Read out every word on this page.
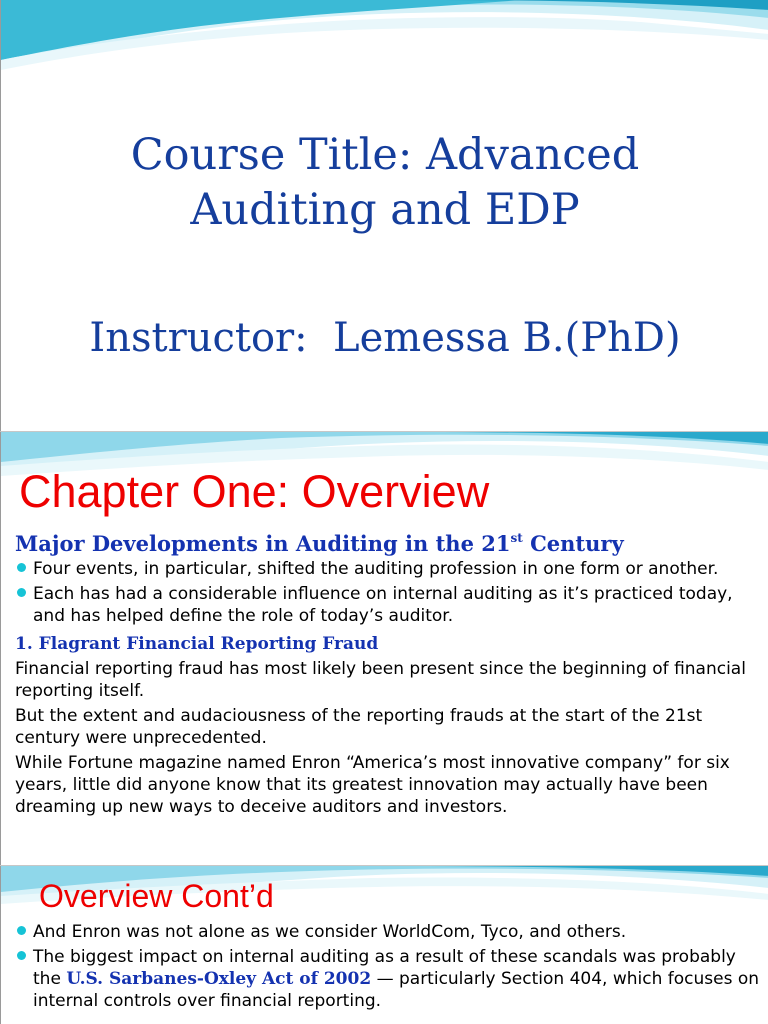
Course Title: Advanced
Auditing and EDP
Instructor:  Lemessa B.(PhD)
Chapter One: Overview
Major Developments in Auditing in the 21st Century
Four events, in particular, shifted the auditing profession in one form or another.
Each has had a considerable influence on internal auditing as it’s practiced today, and has helped define the role of today’s auditor.
1. Flagrant Financial Reporting Fraud
Financial reporting fraud has most likely been present since the beginning of financial reporting itself.
But the extent and audaciousness of the reporting frauds at the start of the 21st century were unprecedented.
While Fortune magazine named Enron “America’s most innovative company” for six years, little did anyone know that its greatest innovation may actually have been dreaming up new ways to deceive auditors and investors.
Overview Cont’d
And Enron was not alone as we consider WorldCom, Tyco, and others.
The biggest impact on internal auditing as a result of these scandals was probably the U.S. Sarbanes-Oxley Act of 2002 — particularly Section 404, which focuses on internal controls over financial reporting.
